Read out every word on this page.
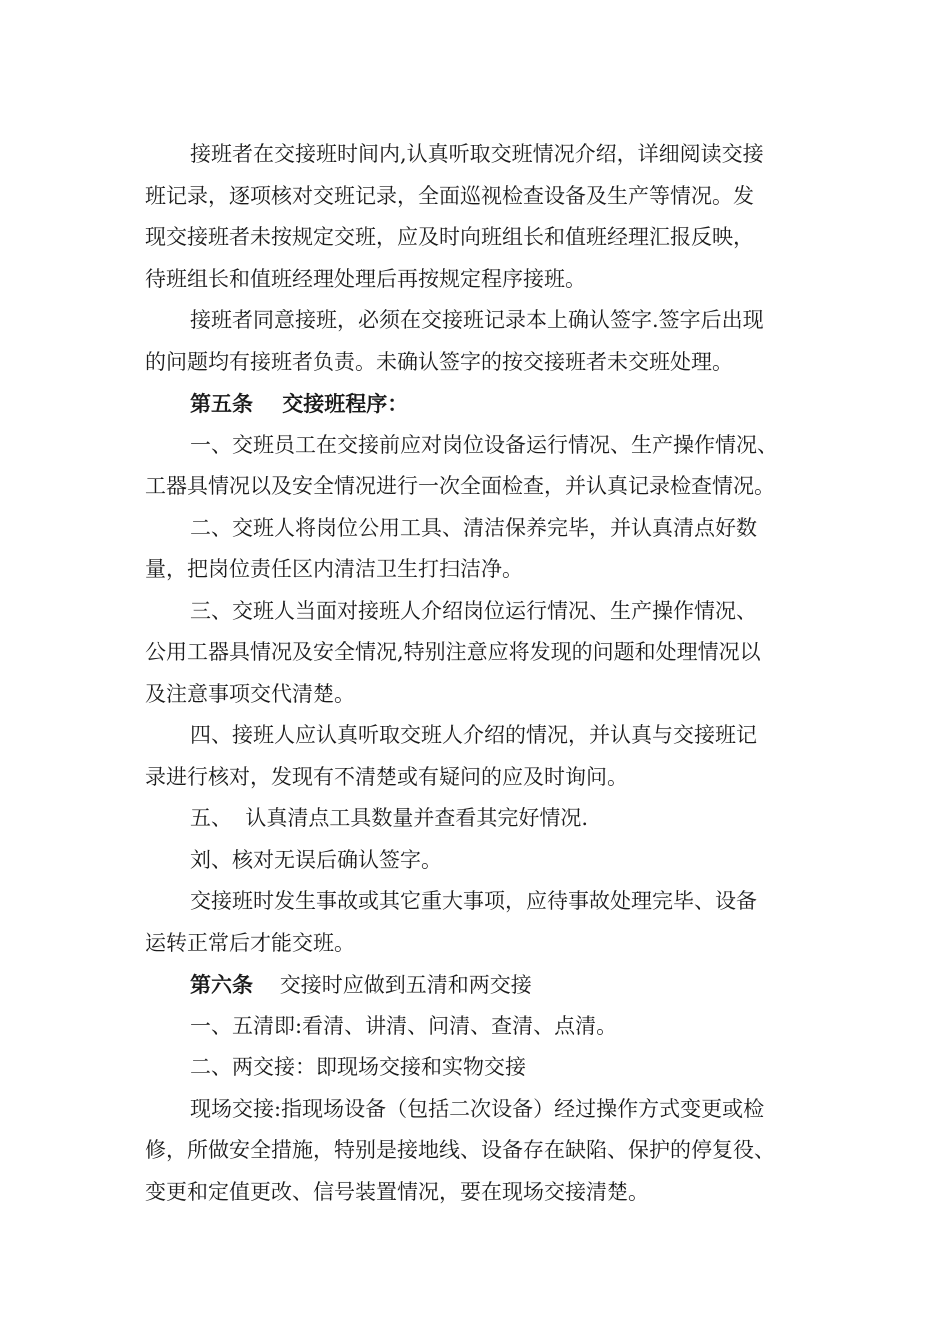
接班者在交接班时间内,认真听取交班情况介绍，详细阅读交接
班记录，逐项核对交班记录，全面巡视检查设备及生产等情况。发
现交接班者未按规定交班，应及时向班组长和值班经理汇报反映，
待班组长和值班经理处理后再按规定程序接班。
接班者同意接班，必须在交接班记录本上确认签字.签字后出现
的问题均有接班者负责。未确认签字的按交接班者未交班处理。
第五条    交接班程序：
一、交班员工在交接前应对岗位设备运行情况、生产操作情况、
工器具情况以及安全情况进行一次全面检查，并认真记录检查情况。
二、交班人将岗位公用工具、清洁保养完毕，并认真清点好数
量，把岗位责任区内清洁卫生打扫洁净。
三、交班人当面对接班人介绍岗位运行情况、生产操作情况、
公用工器具情况及安全情况,特别注意应将发现的问题和处理情况以
及注意事项交代清楚。
四、接班人应认真听取交班人介绍的情况，并认真与交接班记
录进行核对，发现有不清楚或有疑问的应及时询问。
五、  认真清点工具数量并查看其完好情况.
刘、核对无误后确认签字。
交接班时发生事故或其它重大事项，应待事故处理完毕、设备
运转正常后才能交班。
第六条    交接时应做到五清和两交接
一、五清即:看清、讲清、问清、查清、点清。
二、两交接：即现场交接和实物交接
现场交接:指现场设备（包括二次设备）经过操作方式变更或检
修，所做安全措施，特别是接地线、设备存在缺陷、保护的停复役、
变更和定值更改、信号装置情况，要在现场交接清楚。
